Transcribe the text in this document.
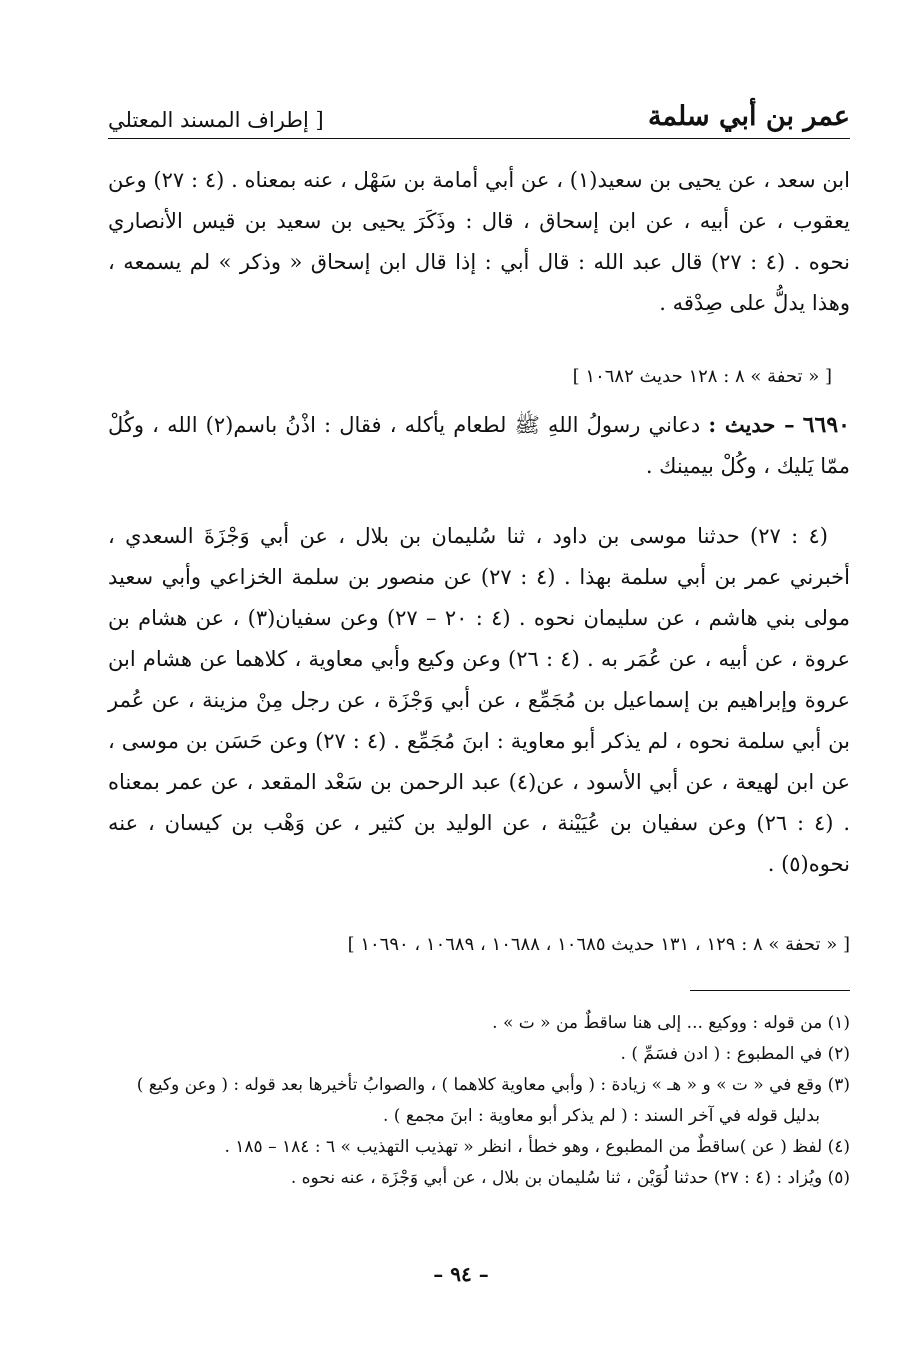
عمر بن أبي سلمة
[ إطراف المسند المعتلي
ابن سعد ، عن يحيى بن سعيد(١) ، عن أبي أمامة بن سَهْل ، عنه بمعناه . (٤ : ٢٧) وعن يعقوب ، عن أبيه ، عن ابن إسحاق ، قال : وذَكَرَ يحيى بن سعيد بن قيس الأنصاري نحوه . (٤ : ٢٧) قال عبد الله : قال أبي : إذا قال ابن إسحاق « وذكر » لم يسمعه ، وهذا يدلُّ على صِدْقه .
[ « تحفة » ٨ : ١٢٨ حديث ١٠٦٨٢ ]
٦٦٩٠ – حديث : دعاني رسولُ اللهِ ﷺ لطعام يأكله ، فقال : اذْنُ باسم(٢) الله ، وكُلْ ممّا يَليك ، وكُلْ بيمينك .
(٤ : ٢٧) حدثنا موسى بن داود ، ثنا سُليمان بن بلال ، عن أبي وَجْزَةَ السعدي ، أخبرني عمر بن أبي سلمة بهذا . (٤ : ٢٧) عن منصور بن سلمة الخزاعي وأبي سعيد مولى بني هاشم ، عن سليمان نحوه . (٤ : ٢٠ – ٢٧) وعن سفيان(٣) ، عن هشام بن عروة ، عن أبيه ، عن عُمَر به . (٤ : ٢٦) وعن وكيع وأبي معاوية ، كلاهما عن هشام ابن عروة وإبراهيم بن إسماعيل بن مُجَمِّع ، عن أبي وَجْزَة ، عن رجل مِنْ مزينة ، عن عُمر بن أبي سلمة نحوه ، لم يذكر أبو معاوية : ابنَ مُجَمِّع . (٤ : ٢٧) وعن حَسَن بن موسى ، عن ابن لهيعة ، عن أبي الأسود ، عن(٤) عبد الرحمن بن سَعْد المقعد ، عن عمر بمعناه . (٤ : ٢٦) وعن سفيان بن عُيَيْنة ، عن الوليد بن كثير ، عن وَهْب بن كيسان ، عنه نحوه(٥) .
[ « تحفة » ٨ : ١٢٩ ، ١٣١ حديث ١٠٦٨٥ ، ١٠٦٨٨ ، ١٠٦٨٩ ، ١٠٦٩٠ ]
(١) من قوله : ووكيع ... إلى هنا ساقطٌ من « ت » .
(٢) في المطبوع : ( ادن فسَمِّ ) .
(٣) وقع في « ت » و « هـ » زيادة : ( وأبي معاوية كلاهما ) ، والصوابُ تأخيرها بعد قوله : ( وعن وكيع )
بدليل قوله في آخر السند : ( لم يذكر أبو معاوية : ابنَ مجمع ) .
(٤) لفظ ( عن )ساقطٌ من المطبوع ، وهو خطأ ، انظر « تهذيب التهذيب » ٦ : ١٨٤ – ١٨٥ .
(٥) ويُزاد : (٤ : ٢٧) حدثنا لُوَيْن ، ثنا سُليمان بن بلال ، عن أبي وَجْزَة ، عنه نحوه .
– ٩٤ –
